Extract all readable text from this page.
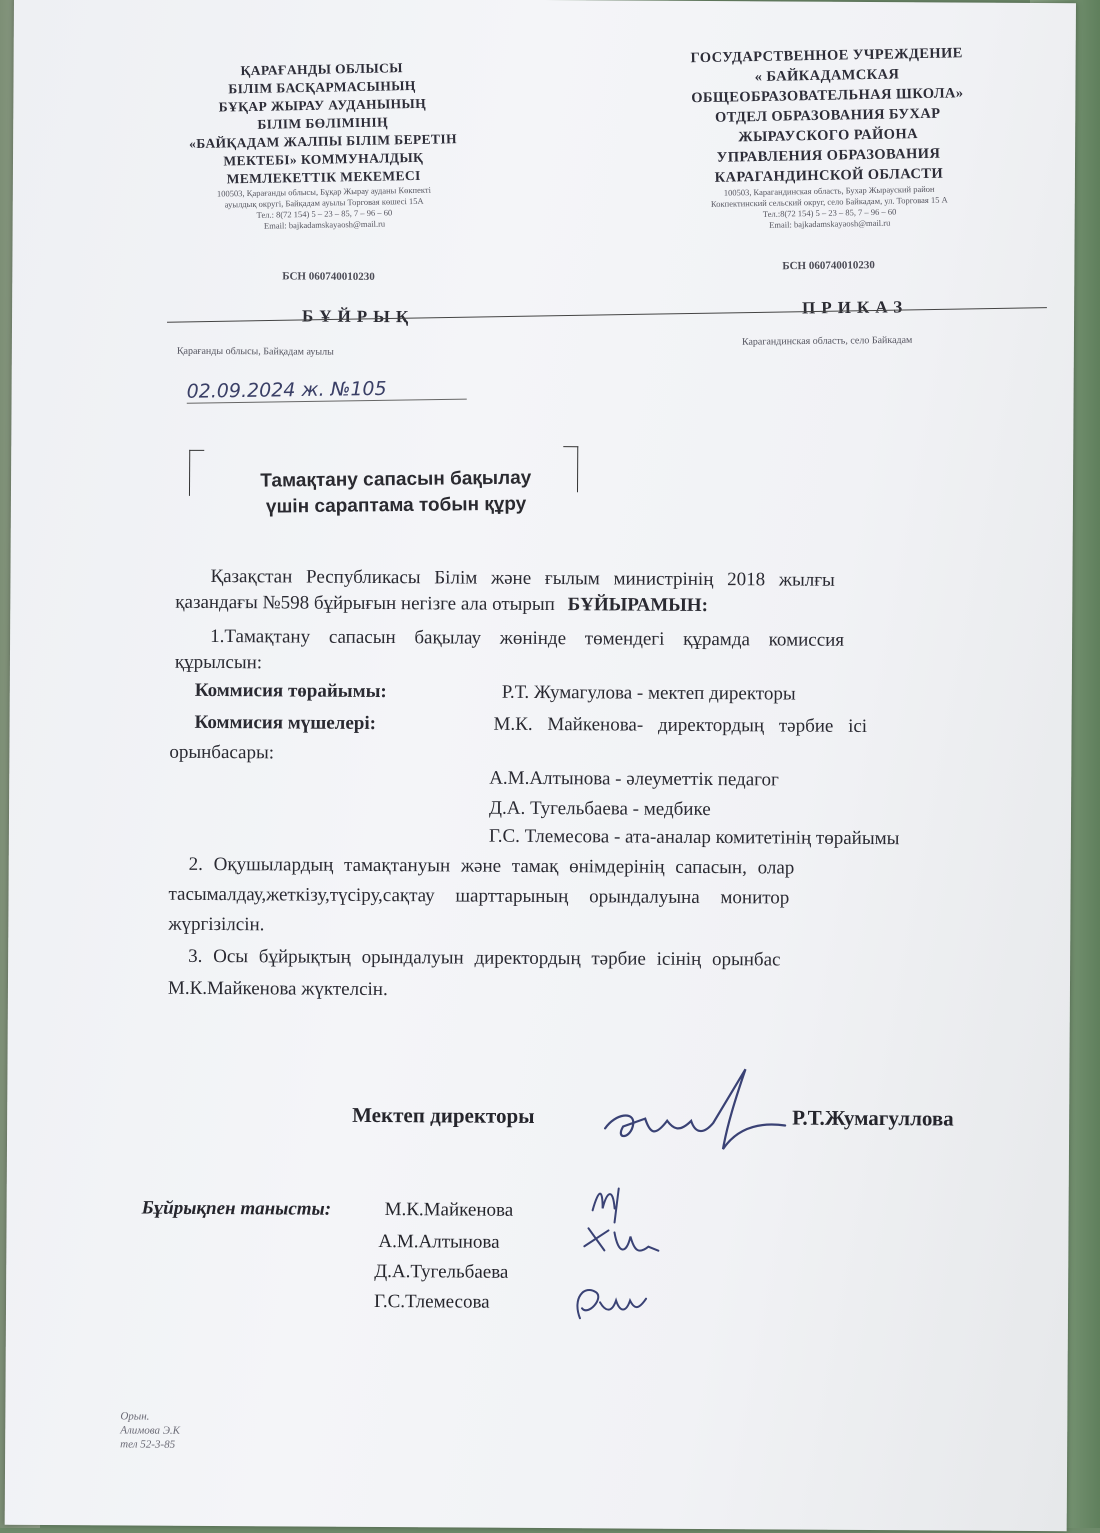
ҚАРАҒАНДЫ ОБЛЫСЫ
БІЛІМ БАСҚАРМАСЫНЫҢ
БҰҚАР ЖЫРАУ АУДАНЫНЫҢ
БІЛІМ БӨЛІМІНІҢ
«БАЙҚАДАМ ЖАЛПЫ БІЛІМ БЕРЕТІН
МЕКТЕБІ» КОММУНАЛДЫҚ
МЕМЛЕКЕТТІК МЕКЕМЕСІ
100503, Қарағанды облысы, Бұқар Жырау ауданы Көкпекті
ауылдық округі, Байқадам ауылы Торговая көшесі 15А
Тел.: 8(72 154) 5 – 23 – 85, 7 – 96 – 60
Email: bajkadamskayaosh@mail.ru
ГОСУДАРСТВЕННОЕ УЧРЕЖДЕНИЕ
« БАЙКАДАМСКАЯ
ОБЩЕОБРАЗОВАТЕЛЬНАЯ ШКОЛА»
ОТДЕЛ ОБРАЗОВАНИЯ БУХАР
ЖЫРАУСКОГО РАЙОНА
УПРАВЛЕНИЯ ОБРАЗОВАНИЯ
КАРАГАНДИНСКОЙ ОБЛАСТИ
100503, Карагандинская область, Бухар Жырауский район
Кокпектинский сельский округ, село Байкадам, ул. Торговая 15 А
Тел.:8(72 154) 5 – 23 – 85, 7 – 96 – 60
Email: bajkadamskayaosh@mail.ru
БСН 060740010230
БСН 060740010230
БҰЙРЫҚ	ПРИКАЗ
Қарағанды облысы, Байқадам ауылы
Карагандинская область, село Байкадам
02.09.2024 ж. №105
Тамақтану сапасын бақылау
үшін сараптама тобын құру
Қазақстан Республикасы Білім және ғылым министрінің 2018 жылғы
қазандағы №598 бұйрығын негізге ала отырып БҰЙЫРАМЫН:
1.Тамақтану сапасын бақылау жөнінде төмендегі құрамда комиссия
құрылсын:
Коммисия төрайымы:	Р.Т. Жумагулова - мектеп директоры
Коммисия мүшелері:	М.К. Майкенова- директордың тәрбие ісі
орынбасары:
А.М.Алтынова - әлеуметтік педагог
Д.А. Тугельбаева - медбике
Г.С. Тлемесова - ата-аналар комитетінің төрайымы
2. Оқушылардың тамақтануын және тамақ өнімдерінің сапасын, олар
тасымалдау,жеткізу,түсіру,сақтау шарттарының орындалуына монитор
жүргізілсін.
3. Осы бұйрықтың орындалуын директордың тәрбие ісінің орынбас
М.К.Майкенова жүктелсін.
Мектеп директоры	Р.Т.Жумагуллова
Бұйрықпен танысты:	М.К.Майкенова
А.М.Алтынова
Д.А.Тугельбаева
Г.С.Тлемесова
Орын.
Алимова Э.К
тел 52-3-85
